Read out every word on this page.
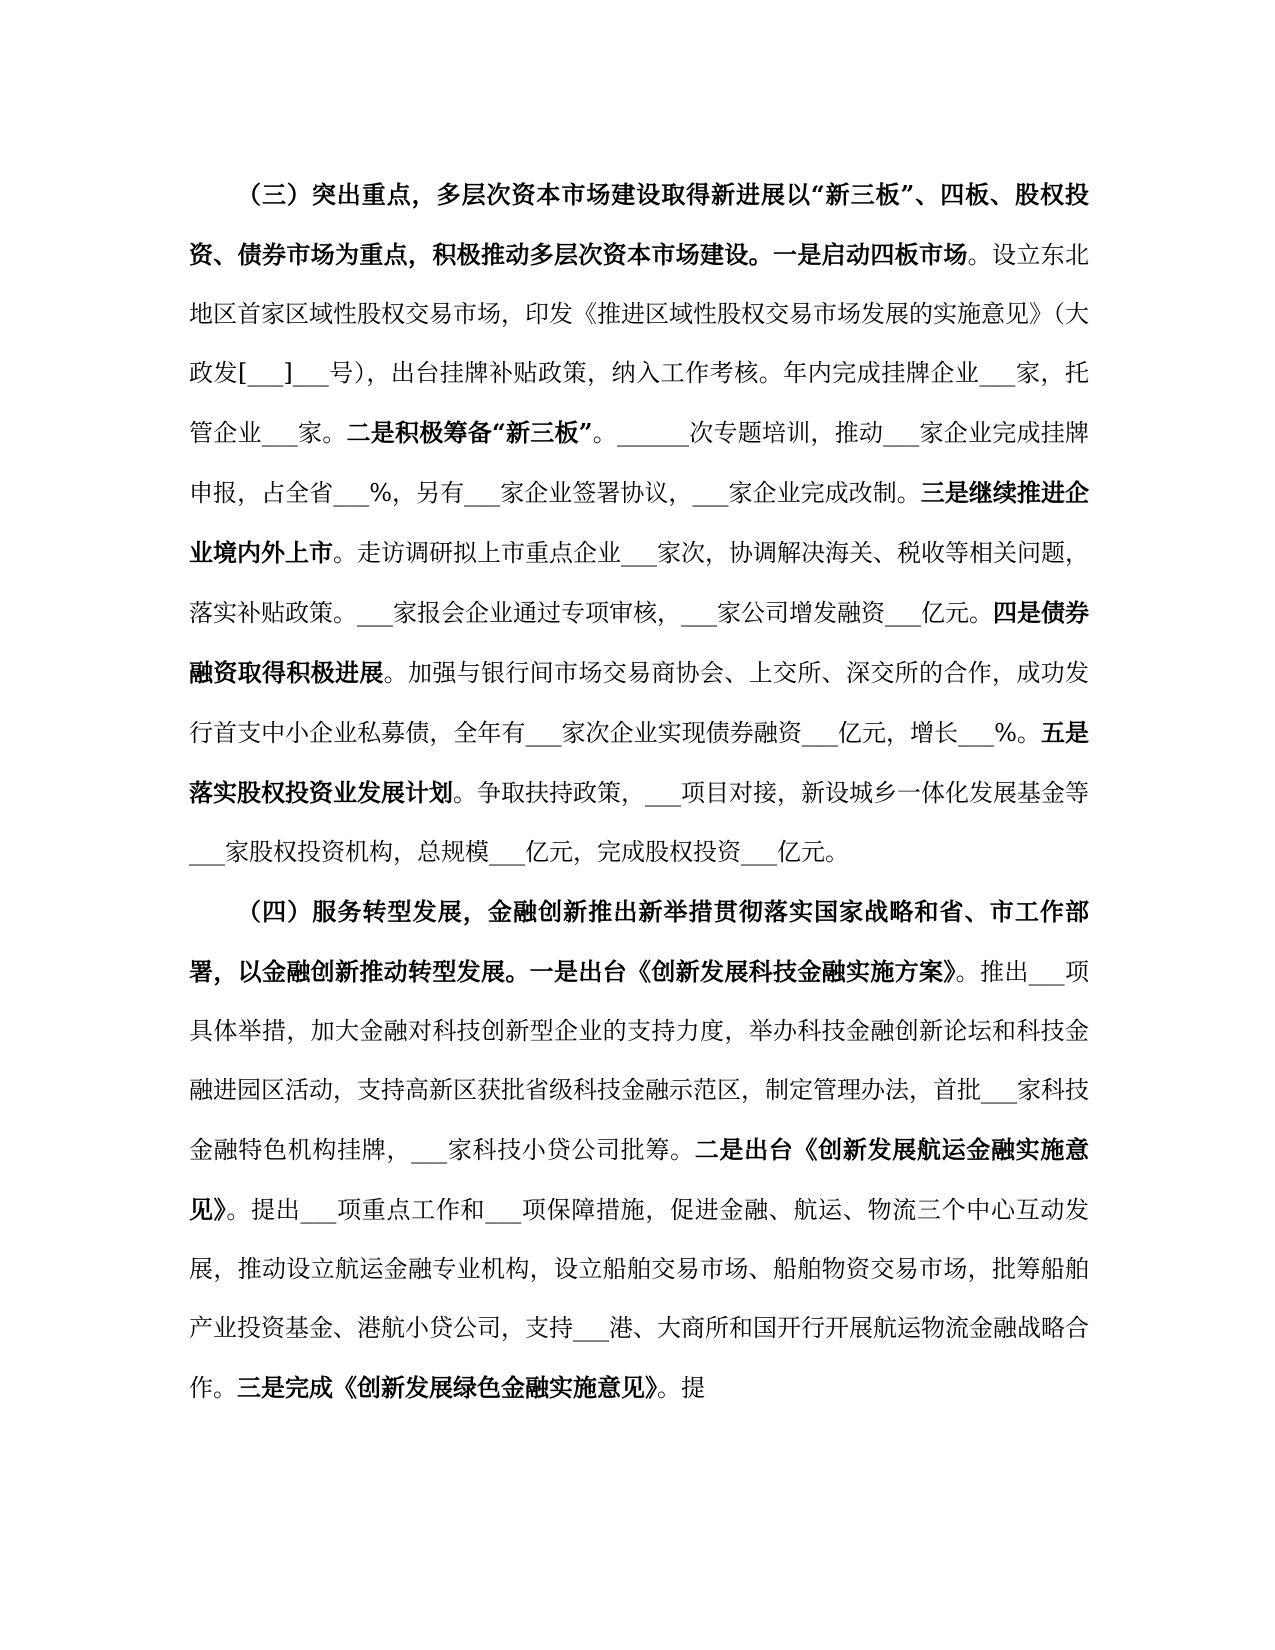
（三）突出重点，多层次资本市场建设取得新进展以“新三板”、四板、股权投资、债券市场为重点，积极推动多层次资本市场建设。一是启动四板市场。设立东北地区首家区域性股权交易市场，印发《推进区域性股权交易市场发展的实施意见》（大政发[___]___号），出台挂牌补贴政策，纳入工作考核。年内完成挂牌企业___家，托管企业___家。二是积极筹备“新三板”。______次专题培训，推动___家企业完成挂牌申报，占全省___%，另有___家企业签署协议，___家企业完成改制。三是继续推进企业境内外上市。走访调研拟上市重点企业___家次，协调解决海关、税收等相关问题，落实补贴政策。___家报会企业通过专项审核，___家公司增发融资___亿元。四是债券融资取得积极进展。加强与银行间市场交易商协会、上交所、深交所的合作，成功发行首支中小企业私募债，全年有___家次企业实现债券融资___亿元，增长___%。五是落实股权投资业发展计划。争取扶持政策，___项目对接，新设城乡一体化发展基金等___家股权投资机构，总规模___亿元，完成股权投资___亿元。

（四）服务转型发展，金融创新推出新举措贯彻落实国家战略和省、市工作部署，以金融创新推动转型发展。一是出台《创新发展科技金融实施方案》。推出___项具体举措，加大金融对科技创新型企业的支持力度，举办科技金融创新论坛和科技金融进园区活动，支持高新区获批省级科技金融示范区，制定管理办法，首批___家科技金融特色机构挂牌，___家科技小贷公司批筹。二是出台《创新发展航运金融实施意见》。提出___项重点工作和___项保障措施，促进金融、航运、物流三个中心互动发展，推动设立航运金融专业机构，设立船舶交易市场、船舶物资交易市场，批筹船舶产业投资基金、港航小贷公司，支持___港、大商所和国开行开展航运物流金融战略合作。三是完成《创新发展绿色金融实施意见》。提
